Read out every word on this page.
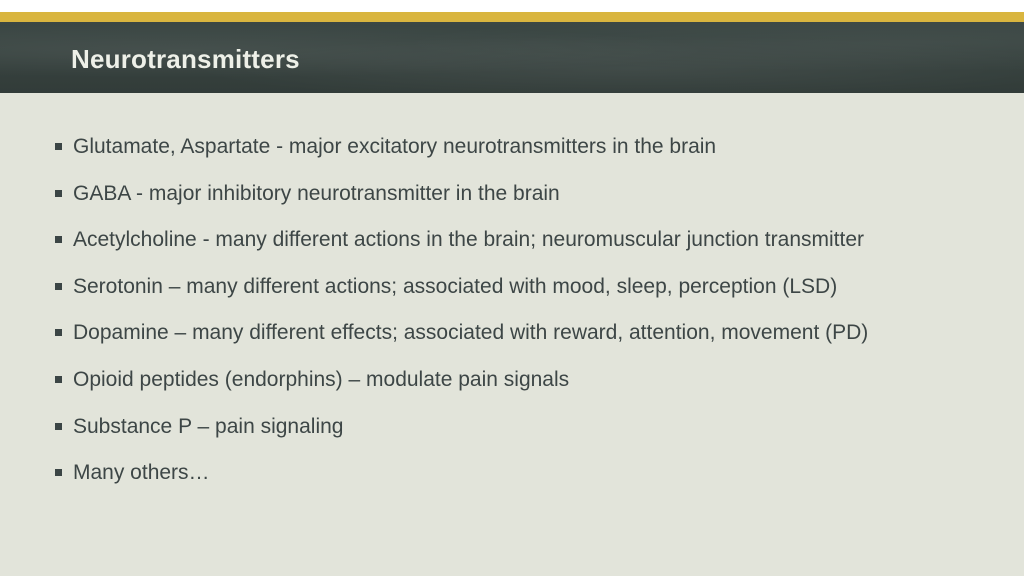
Neurotransmitters
Glutamate, Aspartate - major excitatory neurotransmitters in the brain
GABA - major inhibitory neurotransmitter in the brain
Acetylcholine - many different actions in the brain; neuromuscular junction transmitter
Serotonin – many different actions; associated with mood, sleep, perception (LSD)
Dopamine – many different effects; associated with reward, attention, movement (PD)
Opioid peptides (endorphins) – modulate pain signals
Substance P – pain signaling
Many others…
